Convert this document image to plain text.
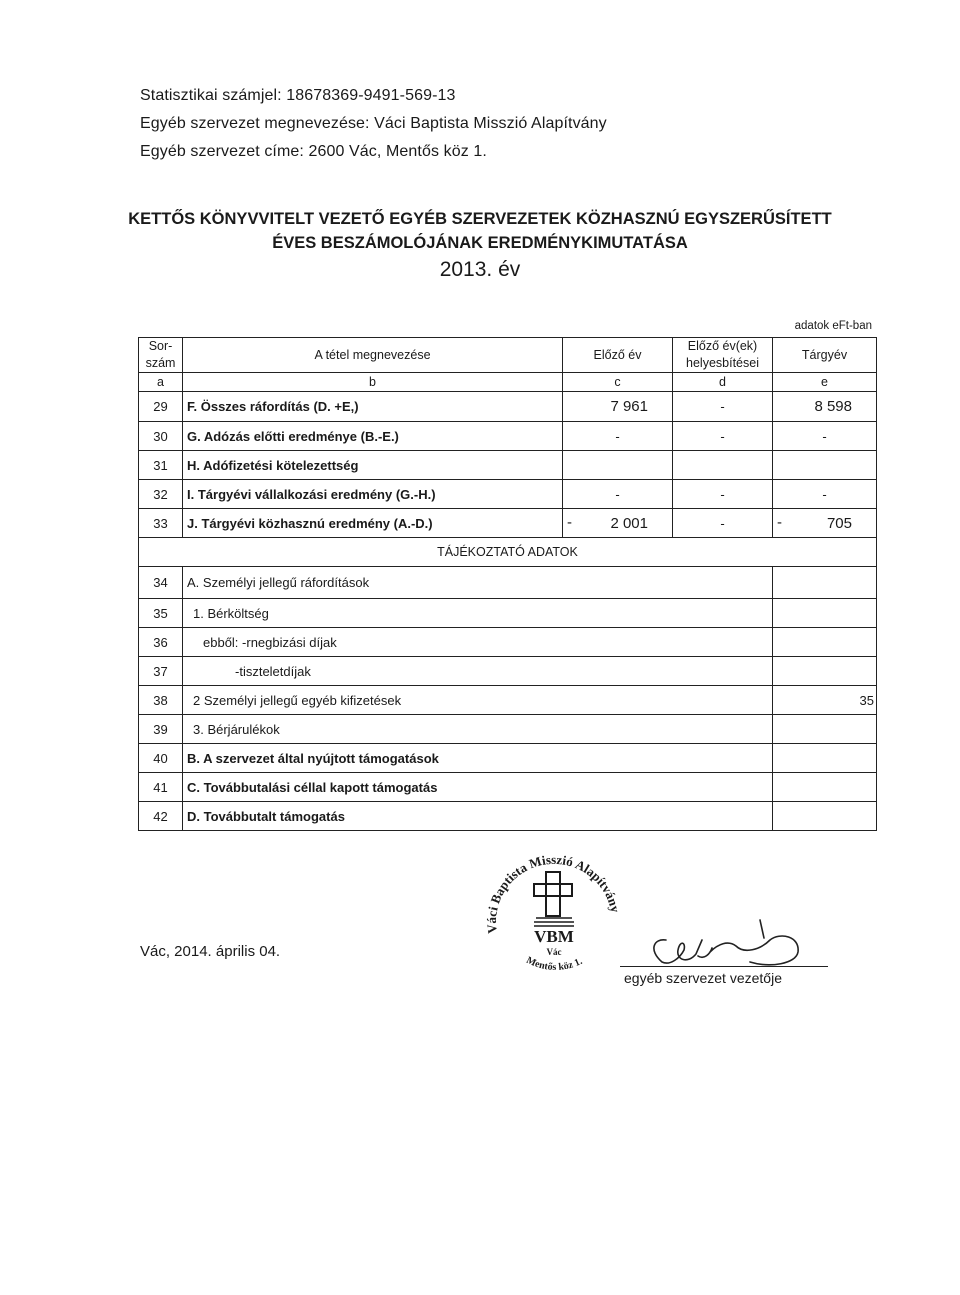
Statisztikai számjel: 18678369-9491-569-13
Egyéb szervezet megnevezése: Váci Baptista Misszió Alapítvány
Egyéb szervezet címe: 2600 Vác, Mentős köz 1.
KETTŐS KÖNYVVITELT VEZETŐ EGYÉB SZERVEZETEK KÖZHASZNÚ EGYSZERŰSÍTETT
ÉVES BESZÁMOLÓJÁNAK EREDMÉNYKIMUTATÁSA
2013. év
adatok eFt-ban
Sor-
szám	A tétel megnevezése	Előző év	Előző év(ek)
helyesbítései	Tárgyév
a	b	c	d	e
29	F. Összes ráfordítás (D. +E,)	7 961	-	8 598
30	G. Adózás előtti eredménye (B.-E.)	-	-	-
31	H. Adófizetési kötelezettség			
32	I. Tárgyévi vállalkozási eredmény (G.-H.)	-	-	-
33	J. Tárgyévi közhasznú eredmény (A.-D.)	- 2 001	-	- 705
TÁJÉKOZTATÓ ADATOK				
34	A. Személyi jellegű ráfordítások			
35	1. Bérköltség			
36	ebből: -rnegbizási díjak			
37	-tiszteletdíjak			
38	2 Személyi jellegű egyéb kifizetések			35
39	3. Bérjárulékok			
40	B. A szervezet által nyújtott támogatások			
41	C. Továbbutalási céllal kapott támogatás			
42	D. Továbbutalt támogatás			
Váci Baptista Misszió Alapítvány
Mentős köz 1.
VBM
Vác
Vác, 2014. április 04.
egyéb szervezet vezetője
